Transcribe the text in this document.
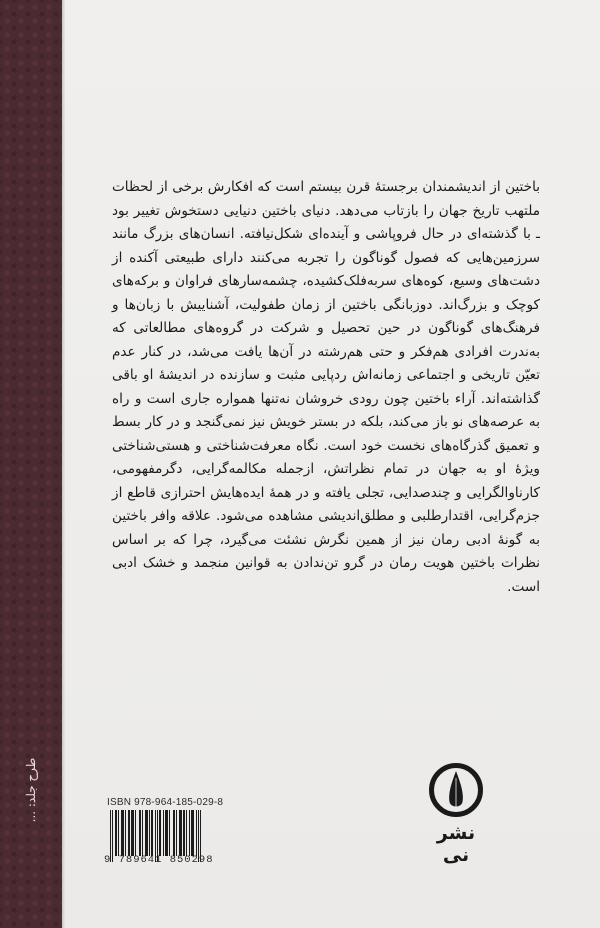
طرح جلد: ...

باختین از اندیشمندان برجستهٔ قرن بیستم است که افکارش برخی از لحظات ملتهب تاریخ جهان را بازتاب می‌دهد. دنیای باختین دنیایی دستخوش تغییر بود ـ با گذشته‌ای در حال فروپاشی و آینده‌ای شکل‌نیافته. انسان‌های بزرگ مانند سرزمین‌هایی که فصول گوناگون را تجربه می‌کنند دارای طبیعتی آکنده از دشت‌های وسیع، کوه‌های سربه‌فلک‌کشیده، چشمه‌سارهای فراوان و برکه‌های کوچک و بزرگ‌اند. دوزبانگی باختین از زمان طفولیت، آشناییش با زبان‌ها و فرهنگ‌های گوناگون در حین تحصیل و شرکت در گروه‌های مطالعاتی که به‌ندرت افرادی هم‌فکر و حتی هم‌رشته در آن‌ها یافت می‌شد، در کنار عدم تعیّن تاریخی و اجتماعی زمانه‌اش ردپایی مثبت و سازنده در اندیشهٔ او باقی گذاشته‌اند. آراء باختین چون رودی خروشان نه‌تنها همواره جاری است و راه به عرصه‌های نو باز می‌کند، بلکه در بستر خویش نیز نمی‌گنجد و در کار بسط و تعمیق گذرگاه‌های نخست خود است. نگاه معرفت‌شناختی و هستی‌شناختی ویژهٔ او به جهان در تمام نظراتش، ازجمله مکالمه‌گرایی، دگرمفهومی، کارناوالگرایی و چندصدایی، تجلی یافته و در همهٔ ایده‌هایش احترازی قاطع از جزم‌گرایی، اقتدارطلبی و مطلق‌اندیشی مشاهده می‌شود. علاقه وافر باختین به گونهٔ ادبی رمان نیز از همین نگرش نشئت می‌گیرد، چرا که بر اساس نظرات باختین هویت رمان در گرو تن‌ندادن به قوانین منجمد و خشک ادبی است.

ISBN 978-964-185-029-8
9 789641 850298
نشر نی
